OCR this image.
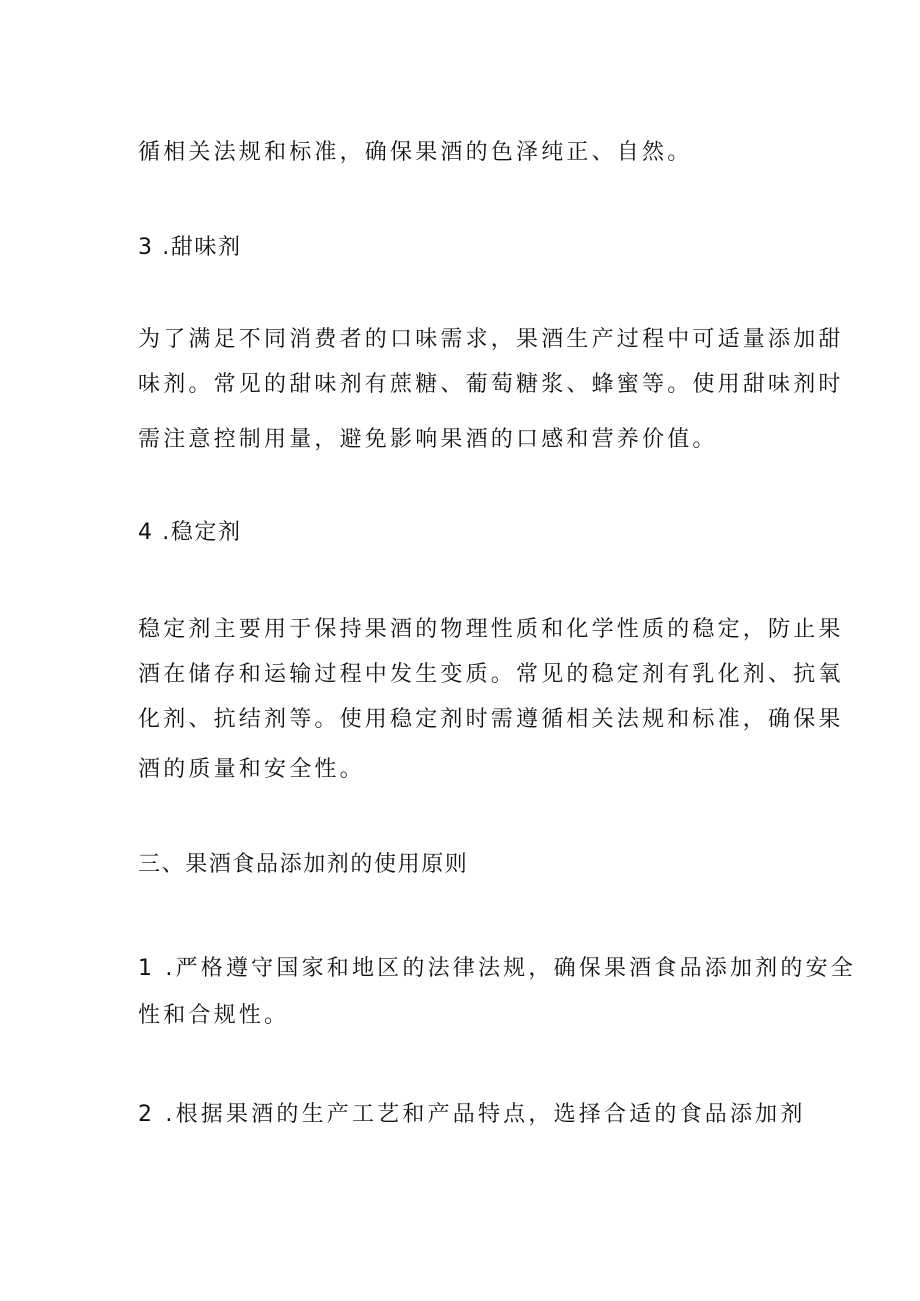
循相关法规和标准，确保果酒的色泽纯正、自然。
3 .甜味剂
为了满足不同消费者的口味需求，果酒生产过程中可适量添加甜
味剂。常见的甜味剂有蔗糖、葡萄糖浆、蜂蜜等。使用甜味剂时
需注意控制用量，避免影响果酒的口感和营养价值。
4 .稳定剂
稳定剂主要用于保持果酒的物理性质和化学性质的稳定，防止果
酒在储存和运输过程中发生变质。常见的稳定剂有乳化剂、抗氧
化剂、抗结剂等。使用稳定剂时需遵循相关法规和标准，确保果
酒的质量和安全性。
三、果酒食品添加剂的使用原则
1 .严格遵守国家和地区的法律法规，确保果酒食品添加剂的安全
性和合规性。
2 .根据果酒的生产工艺和产品特点，选择合适的食品添加剂
